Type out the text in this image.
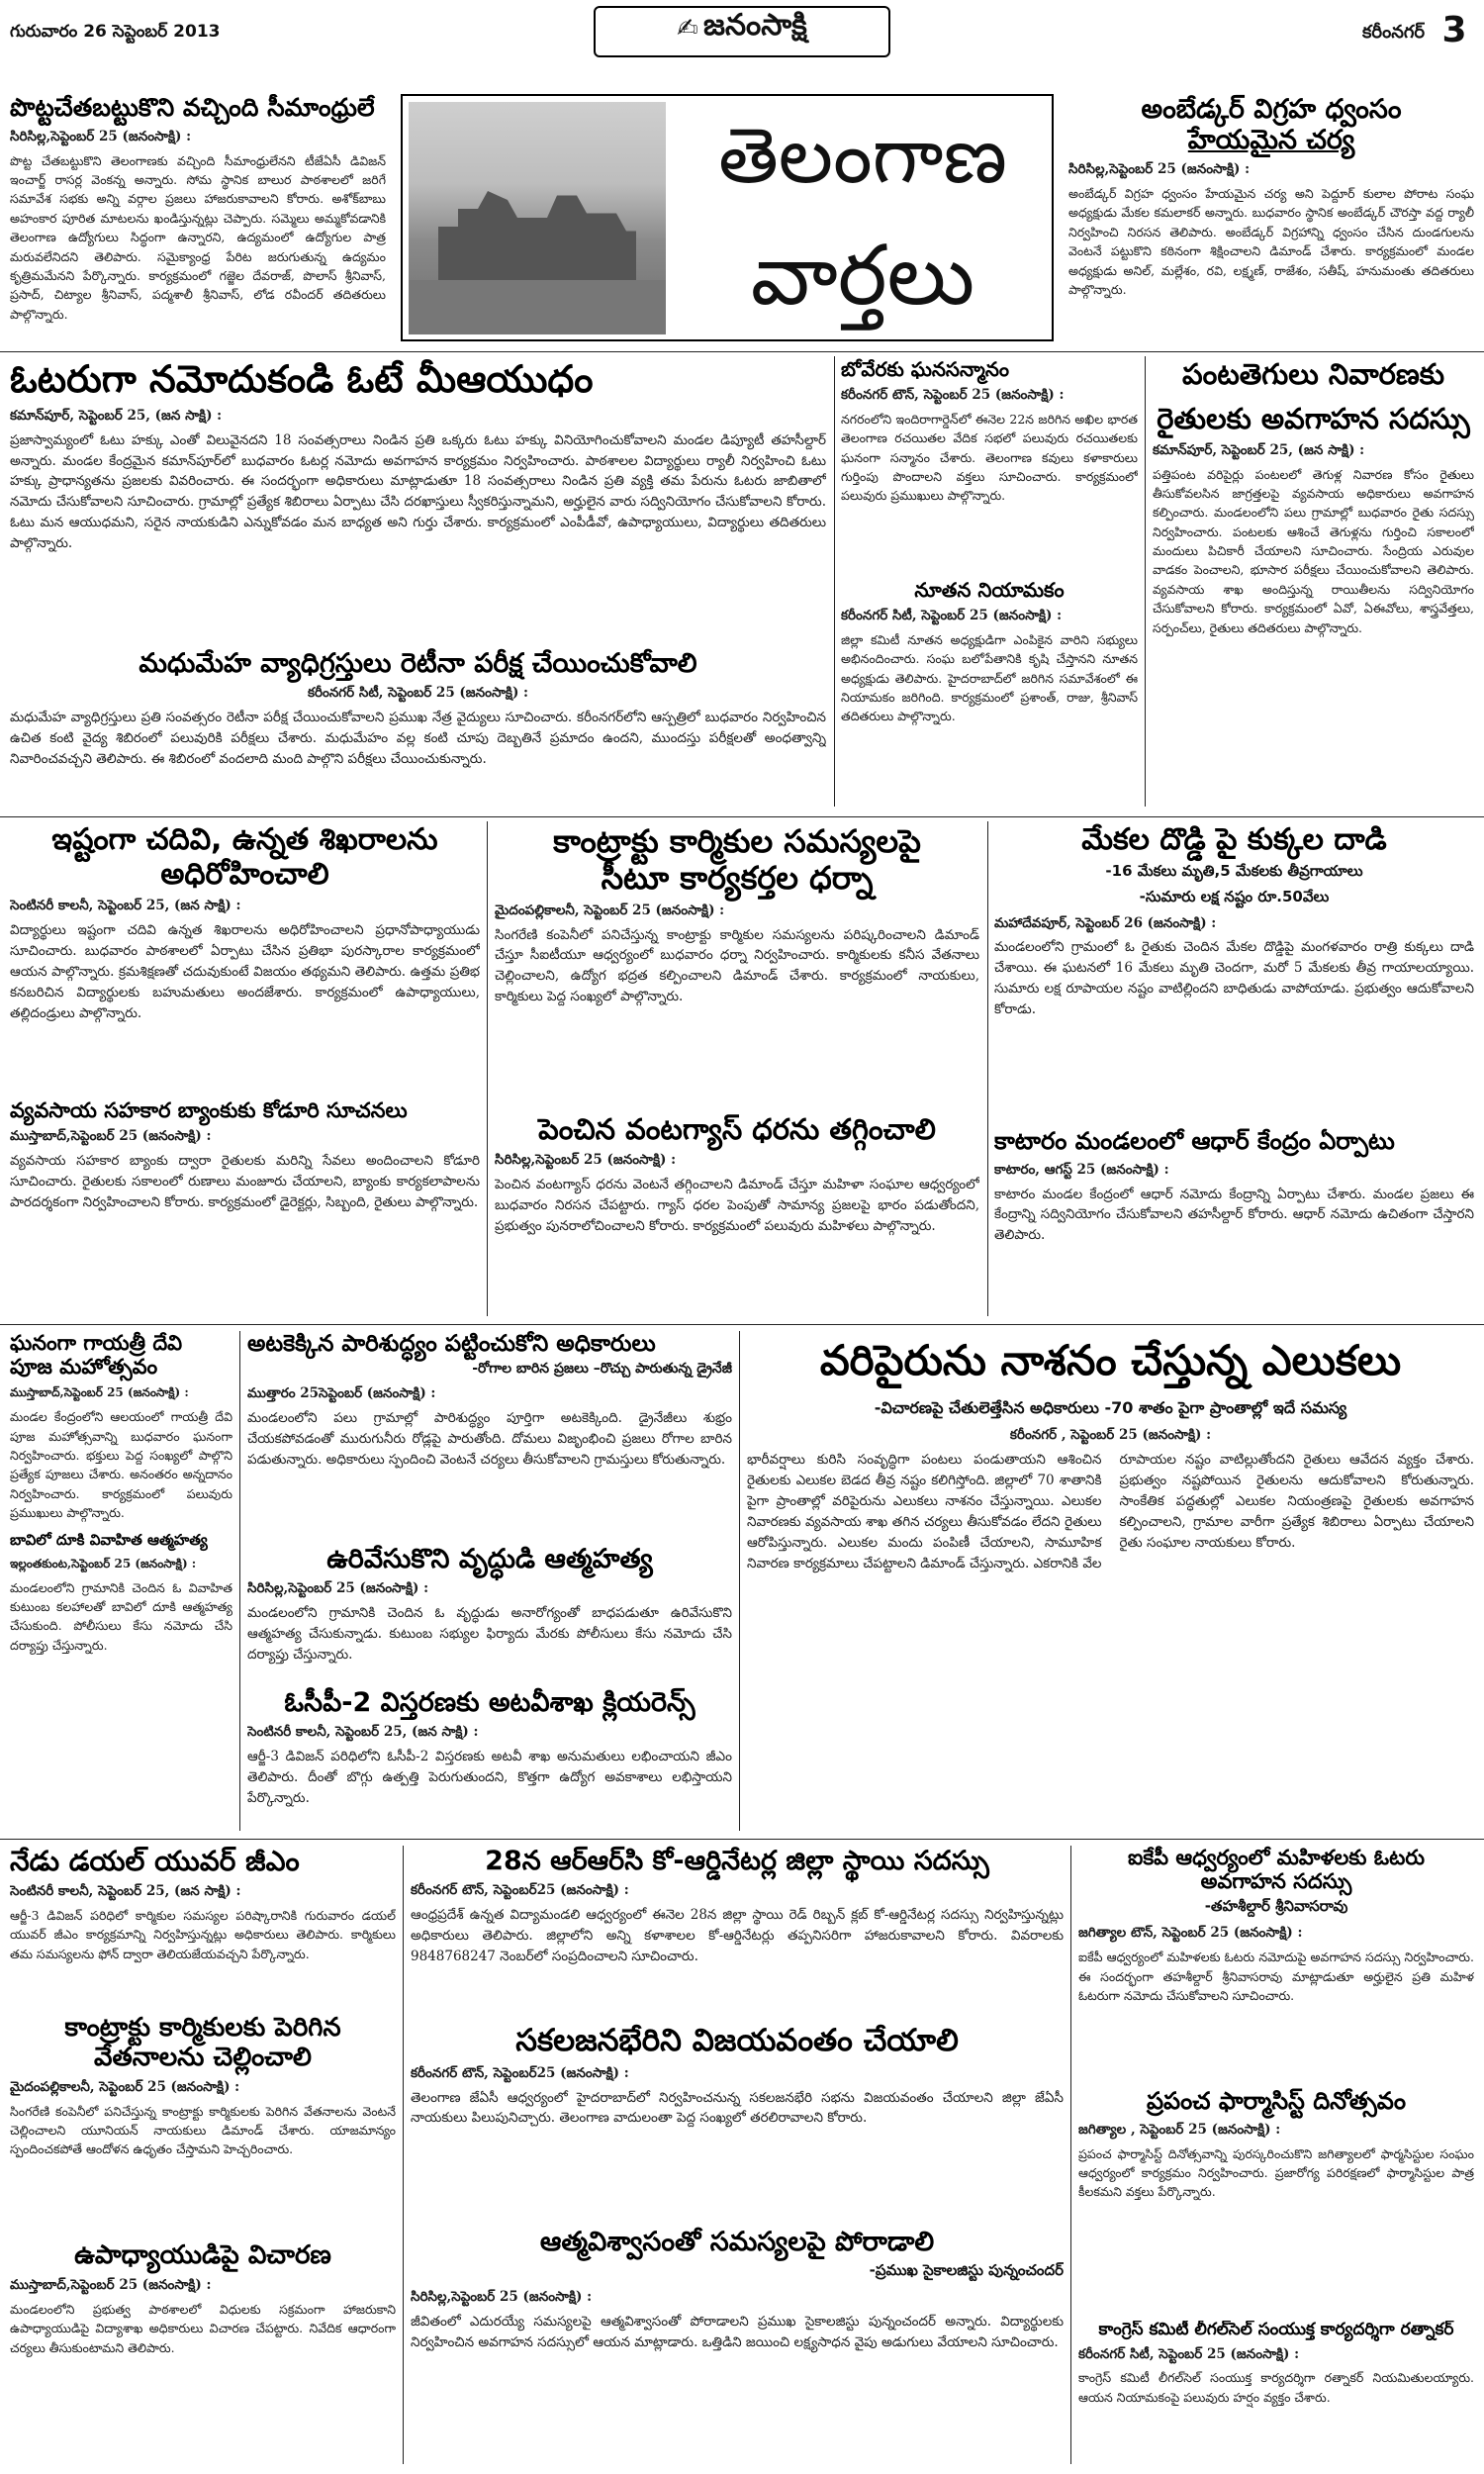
గురువారం 26 సెప్టెంబర్ 2013	✍ జనంసాక్షి	కరీంనగర్ 3
పొట్టచేతబట్టుకొని వచ్చింది సీమాంధ్రులే

సిరిసిల్ల,సెప్టెంబర్ 25 (జనంసాక్షి) :

పొట్ట చేతబట్టుకొని తెలంగాణకు వచ్చింది సీమాంధ్రులేనని టీజేఏసీ డివిజన్ ఇంచార్జ్ రాసర్ల వెంకన్న అన్నారు. సోమ స్థానిక బాలుర పాఠశాలలో జరిగే సమావేశ సభకు అన్ని వర్గాల ప్రజలు హాజరుకావాలని కోరారు. అశోక్‌బాబు అహంకార పూరిత మాటలను ఖండిస్తున్నట్లు చెప్పారు. సమ్మెలు అమ్మకోవడానికి తెలంగాణ ఉద్యోగులు సిద్ధంగా ఉన్నారని, ఉద్యమంలో ఉద్యోగుల పాత్ర మరువలేనిదని తెలిపారు. సమైక్యాంధ్ర పేరిట జరుగుతున్న ఉద్యమం కృత్రిమమేనని పేర్కొన్నారు. కార్యక్రమంలో గజ్జెల దేవరాజ్, పొలాస్ శ్రీనివాస్, ప్రసాద్, చిట్యాల శ్రీనివాస్, పద్మశాలీ శ్రీనివాస్, లోడ రవీందర్ తదితరులు పాల్గొన్నారు.

తెలంగాణ
వార్తలు
అంబేడ్కర్ విగ్రహ ధ్వంసం
హేయమైన చర్య

సిరిసిల్ల,సెప్టెంబర్ 25 (జనంసాక్షి) :

అంబేడ్కర్ విగ్రహ ధ్వంసం హేయమైన చర్య అని పెద్దూర్ కులాల పోరాట సంఘ అధ్యక్షుడు మేకల కమలాకర్ అన్నారు. బుధవారం స్థానిక అంబేడ్కర్ చౌరస్తా వద్ద ర్యాలీ నిర్వహించి నిరసన తెలిపారు. అంబేడ్కర్ విగ్రహాన్ని ధ్వంసం చేసిన దుండగులను వెంటనే పట్టుకొని కఠినంగా శిక్షించాలని డిమాండ్ చేశారు. కార్యక్రమంలో మండల అధ్యక్షుడు అనిల్, మల్లేశం, రవి, లక్ష్మణ్, రాజేశం, సతీష్, హనుమంతు తదితరులు పాల్గొన్నారు.

ఓటరుగా నమోదుకండి ఓటే మీఆయుధం

కమాన్‌పూర్, సెప్టెంబర్ 25, (జన సాక్షి) :

ప్రజాస్వామ్యంలో ఓటు హక్కు ఎంతో విలువైనదని 18 సంవత్సరాలు నిండిన ప్రతి ఒక్కరు ఓటు హక్కు వినియోగించుకోవాలని మండల డిప్యూటీ తహసీల్దార్ అన్నారు. మండల కేంద్రమైన కమాన్‌పూర్‌లో బుధవారం ఓటర్ల నమోదు అవగాహన కార్యక్రమం నిర్వహించారు. పాఠశాలల విద్యార్థులు ర్యాలీ నిర్వహించి ఓటు హక్కు ప్రాధాన్యతను ప్రజలకు వివరించారు. ఈ సందర్భంగా అధికారులు మాట్లాడుతూ 18 సంవత్సరాలు నిండిన ప్రతి వ్యక్తి తమ పేరును ఓటరు జాబితాలో నమోదు చేసుకోవాలని సూచించారు. గ్రామాల్లో ప్రత్యేక శిబిరాలు ఏర్పాటు చేసి దరఖాస్తులు స్వీకరిస్తున్నామని, అర్హులైన వారు సద్వినియోగం చేసుకోవాలని కోరారు. ఓటు మన ఆయుధమని, సరైన నాయకుడిని ఎన్నుకోవడం మన బాధ్యత అని గుర్తు చేశారు. కార్యక్రమంలో ఎంపీడీవో, ఉపాధ్యాయులు, విద్యార్థులు తదితరులు పాల్గొన్నారు.

బోవేరకు ఘనసన్మానం

కరీంనగర్ టౌన్, సెప్టెంబర్ 25 (జనంసాక్షి) :

నగరంలోని ఇందిరాగార్డెన్‌లో ఈనెల 22న జరిగిన అఖిల భారత తెలంగాణ రచయితల వేదిక సభలో పలువురు రచయితలకు ఘనంగా సన్మానం చేశారు. తెలంగాణ కవులు కళాకారులు గుర్తింపు పొందాలని వక్తలు సూచించారు. కార్యక్రమంలో పలువురు ప్రముఖులు పాల్గొన్నారు.

నూతన నియామకం

కరీంనగర్ సిటీ, సెప్టెంబర్ 25 (జనంసాక్షి) :

జిల్లా కమిటీ నూతన అధ్యక్షుడిగా ఎంపికైన వారిని సభ్యులు అభినందించారు. సంఘ బలోపేతానికి కృషి చేస్తానని నూతన అధ్యక్షుడు తెలిపారు. హైదరాబాద్‌లో జరిగిన సమావేశంలో ఈ నియామకం జరిగింది. కార్యక్రమంలో ప్రశాంత్, రాజు, శ్రీనివాస్ తదితరులు పాల్గొన్నారు.

పంటతెగులు నివారణకు
రైతులకు అవగాహన సదస్సు

కమాన్‌పూర్, సెప్టెంబర్ 25, (జన సాక్షి) :

పత్తిపంట వరిపైర్లు పంటలలో తెగుళ్ల నివారణ కోసం రైతులు తీసుకోవలసిన జాగ్రత్తలపై వ్యవసాయ అధికారులు అవగాహన కల్పించారు. మండలంలోని పలు గ్రామాల్లో బుధవారం రైతు సదస్సు నిర్వహించారు. పంటలకు ఆశించే తెగుళ్లను గుర్తించి సకాలంలో మందులు పిచికారీ చేయాలని సూచించారు. సేంద్రియ ఎరువుల వాడకం పెంచాలని, భూసార పరీక్షలు చేయించుకోవాలని తెలిపారు. వ్యవసాయ శాఖ అందిస్తున్న రాయితీలను సద్వినియోగం చేసుకోవాలని కోరారు. కార్యక్రమంలో ఏవో, ఏఈవోలు, శాస్త్రవేత్తలు, సర్పంచ్‌లు, రైతులు తదితరులు పాల్గొన్నారు.

మధుమేహ వ్యాధిగ్రస్తులు రెటీనా పరీక్ష చేయించుకోవాలి

కరీంనగర్ సిటీ, సెప్టెంబర్ 25 (జనంసాక్షి) :

మధుమేహ వ్యాధిగ్రస్తులు ప్రతి సంవత్సరం రెటీనా పరీక్ష చేయించుకోవాలని ప్రముఖ నేత్ర వైద్యులు సూచించారు. కరీంనగర్‌లోని ఆస్పత్రిలో బుధవారం నిర్వహించిన ఉచిత కంటి వైద్య శిబిరంలో పలువురికి పరీక్షలు చేశారు. మధుమేహం వల్ల కంటి చూపు దెబ్బతినే ప్రమాదం ఉందని, ముందస్తు పరీక్షలతో అంధత్వాన్ని నివారించవచ్చని తెలిపారు. ఈ శిబిరంలో వందలాది మంది పాల్గొని పరీక్షలు చేయించుకున్నారు.

ఇష్టంగా చదివి, ఉన్నత శిఖరాలను
అధిరోహించాలి

సెంటినరీ కాలనీ, సెప్టెంబర్ 25, (జన సాక్షి) :

విద్యార్థులు ఇష్టంగా చదివి ఉన్నత శిఖరాలను అధిరోహించాలని ప్రధానోపాధ్యాయుడు సూచించారు. బుధవారం పాఠశాలలో ఏర్పాటు చేసిన ప్రతిభా పురస్కారాల కార్యక్రమంలో ఆయన పాల్గొన్నారు. క్రమశిక్షణతో చదువుకుంటే విజయం తథ్యమని తెలిపారు. ఉత్తమ ప్రతిభ కనబరిచిన విద్యార్థులకు బహుమతులు అందజేశారు. కార్యక్రమంలో ఉపాధ్యాయులు, తల్లిదండ్రులు పాల్గొన్నారు.

వ్యవసాయ సహకార బ్యాంకుకు కోడూరి సూచనలు

ముస్తాబాద్,సెప్టెంబర్ 25 (జనంసాక్షి) :

వ్యవసాయ సహకార బ్యాంకు ద్వారా రైతులకు మరిన్ని సేవలు అందించాలని కోడూరి సూచించారు. రైతులకు సకాలంలో రుణాలు మంజూరు చేయాలని, బ్యాంకు కార్యకలాపాలను పారదర్శకంగా నిర్వహించాలని కోరారు. కార్యక్రమంలో డైరెక్టర్లు, సిబ్బంది, రైతులు పాల్గొన్నారు.

కాంట్రాక్టు కార్మికుల సమస్యలపై
సీటూ కార్యకర్తల ధర్నా

మైదంపల్లికాలనీ, సెప్టెంబర్ 25 (జనంసాక్షి) :

సింగరేణి కంపెనీలో పనిచేస్తున్న కాంట్రాక్టు కార్మికుల సమస్యలను పరిష్కరించాలని డిమాండ్ చేస్తూ సీఐటీయూ ఆధ్వర్యంలో బుధవారం ధర్నా నిర్వహించారు. కార్మికులకు కనీస వేతనాలు చెల్లించాలని, ఉద్యోగ భద్రత కల్పించాలని డిమాండ్ చేశారు. కార్యక్రమంలో నాయకులు, కార్మికులు పెద్ద సంఖ్యలో పాల్గొన్నారు.

పెంచిన వంటగ్యాస్ ధరను తగ్గించాలి

సిరిసిల్ల,సెప్టెంబర్ 25 (జనంసాక్షి) :

పెంచిన వంటగ్యాస్ ధరను వెంటనే తగ్గించాలని డిమాండ్ చేస్తూ మహిళా సంఘాల ఆధ్వర్యంలో బుధవారం నిరసన చేపట్టారు. గ్యాస్ ధరల పెంపుతో సామాన్య ప్రజలపై భారం పడుతోందని, ప్రభుత్వం పునరాలోచించాలని కోరారు. కార్యక్రమంలో పలువురు మహిళలు పాల్గొన్నారు.

మేకల దొడ్డి పై కుక్కల దాడి

-16 మేకలు మృతి,5 మేకలకు తీవ్రగాయాలు

-సుమారు లక్ష నష్టం రూ.50వేలు

మహాదేవపూర్, సెప్టెంబర్ 26 (జనంసాక్షి) :

మండలంలోని గ్రామంలో ఓ రైతుకు చెందిన మేకల దొడ్డిపై మంగళవారం రాత్రి కుక్కలు దాడి చేశాయి. ఈ ఘటనలో 16 మేకలు మృతి చెందగా, మరో 5 మేకలకు తీవ్ర గాయాలయ్యాయి. సుమారు లక్ష రూపాయల నష్టం వాటిల్లిందని బాధితుడు వాపోయాడు. ప్రభుత్వం ఆదుకోవాలని కోరాడు.

కాటారం మండలంలో ఆధార్ కేంద్రం ఏర్పాటు

కాటారం, ఆగస్ట్ 25 (జనంసాక్షి) :

కాటారం మండల కేంద్రంలో ఆధార్ నమోదు కేంద్రాన్ని ఏర్పాటు చేశారు. మండల ప్రజలు ఈ కేంద్రాన్ని సద్వినియోగం చేసుకోవాలని తహసీల్దార్ కోరారు. ఆధార్ నమోదు ఉచితంగా చేస్తారని తెలిపారు.

ఘనంగా గాయత్రీ దేవి
పూజ మహోత్సవం

ముస్తాబాద్,సెప్టెంబర్ 25 (జనంసాక్షి) :

మండల కేంద్రంలోని ఆలయంలో గాయత్రీ దేవి పూజ మహోత్సవాన్ని బుధవారం ఘనంగా నిర్వహించారు. భక్తులు పెద్ద సంఖ్యలో పాల్గొని ప్రత్యేక పూజలు చేశారు. అనంతరం అన్నదానం నిర్వహించారు. కార్యక్రమంలో పలువురు ప్రముఖులు పాల్గొన్నారు.

బావిలో దూకి వివాహిత ఆత్మహత్య

ఇల్లంతకుంట,సెప్టెంబర్ 25 (జనంసాక్షి) :

మండలంలోని గ్రామానికి చెందిన ఓ వివాహిత కుటుంబ కలహాలతో బావిలో దూకి ఆత్మహత్య చేసుకుంది. పోలీసులు కేసు నమోదు చేసి దర్యాప్తు చేస్తున్నారు.

అటకెక్కిన పారిశుద్ధ్యం పట్టించుకోని అధికారులు

-రోగాల బారిన ప్రజలు –రొచ్చు పారుతున్న డ్రైనేజీ

ముత్తారం 25సెప్టెంబర్ (జనంసాక్షి) :

మండలంలోని పలు గ్రామాల్లో పారిశుద్ధ్యం పూర్తిగా అటకెక్కింది. డ్రైనేజీలు శుభ్రం చేయకపోవడంతో మురుగునీరు రోడ్లపై పారుతోంది. దోమలు విజృంభించి ప్రజలు రోగాల బారిన పడుతున్నారు. అధికారులు స్పందించి వెంటనే చర్యలు తీసుకోవాలని గ్రామస్తులు కోరుతున్నారు.

ఉరివేసుకొని వృద్ధుడి ఆత్మహత్య

సిరిసిల్ల,సెప్టెంబర్ 25 (జనంసాక్షి) :

మండలంలోని గ్రామానికి చెందిన ఓ వృద్ధుడు అనారోగ్యంతో బాధపడుతూ ఉరివేసుకొని ఆత్మహత్య చేసుకున్నాడు. కుటుంబ సభ్యుల ఫిర్యాదు మేరకు పోలీసులు కేసు నమోదు చేసి దర్యాప్తు చేస్తున్నారు.

ఓసీపీ-2 విస్తరణకు అటవీశాఖ క్లియరెన్స్

సెంటినరీ కాలనీ, సెప్టెంబర్ 25, (జన సాక్షి) :

ఆర్జీ-3 డివిజన్ పరిధిలోని ఓసీపీ-2 విస్తరణకు అటవీ శాఖ అనుమతులు లభించాయని జీఎం తెలిపారు. దీంతో బొగ్గు ఉత్పత్తి పెరుగుతుందని, కొత్తగా ఉద్యోగ అవకాశాలు లభిస్తాయని పేర్కొన్నారు.

వరిపైరును నాశనం చేస్తున్న ఎలుకలు

-విచారణపై చేతులెత్తేసిన అధికారులు -70 శాతం పైగా ప్రాంతాల్లో ఇదే సమస్య

కరీంనగర్ , సెప్టెంబర్ 25 (జనంసాక్షి) :

భారీవర్షాలు కురిసి సంవృద్ధిగా పంటలు పండుతాయని ఆశించిన రైతులకు ఎలుకల బెడద తీవ్ర నష్టం కలిగిస్తోంది. జిల్లాలో 70 శాతానికి పైగా ప్రాంతాల్లో వరిపైరును ఎలుకలు నాశనం చేస్తున్నాయి. ఎలుకల నివారణకు వ్యవసాయ శాఖ తగిన చర్యలు తీసుకోవడం లేదని రైతులు ఆరోపిస్తున్నారు. ఎలుకల మందు పంపిణీ చేయాలని, సామూహిక నివారణ కార్యక్రమాలు చేపట్టాలని డిమాండ్ చేస్తున్నారు. ఎకరానికి వేల రూపాయల నష్టం వాటిల్లుతోందని రైతులు ఆవేదన వ్యక్తం చేశారు. ప్రభుత్వం నష్టపోయిన రైతులను ఆదుకోవాలని కోరుతున్నారు. సాంకేతిక పద్ధతుల్లో ఎలుకల నియంత్రణపై రైతులకు అవగాహన కల్పించాలని, గ్రామాల వారీగా ప్రత్యేక శిబిరాలు ఏర్పాటు చేయాలని రైతు సంఘాల నాయకులు కోరారు.

నేడు డయల్ యువర్ జీఎం

సెంటినరీ కాలనీ, సెప్టెంబర్ 25, (జన సాక్షి) :

ఆర్జీ-3 డివిజన్ పరిధిలో కార్మికుల సమస్యల పరిష్కారానికి గురువారం డయల్ యువర్ జీఎం కార్యక్రమాన్ని నిర్వహిస్తున్నట్లు అధికారులు తెలిపారు. కార్మికులు తమ సమస్యలను ఫోన్ ద్వారా తెలియజేయవచ్చని పేర్కొన్నారు.

కాంట్రాక్టు కార్మికులకు పెరిగిన
వేతనాలను చెల్లించాలి

మైదంపల్లికాలనీ, సెప్టెంబర్ 25 (జనంసాక్షి) :

సింగరేణి కంపెనీలో పనిచేస్తున్న కాంట్రాక్టు కార్మికులకు పెరిగిన వేతనాలను వెంటనే చెల్లించాలని యూనియన్ నాయకులు డిమాండ్ చేశారు. యాజమాన్యం స్పందించకపోతే ఆందోళన ఉధృతం చేస్తామని హెచ్చరించారు.

ఉపాధ్యాయుడిపై విచారణ

ముస్తాబాద్,సెప్టెంబర్ 25 (జనంసాక్షి) :

మండలంలోని ప్రభుత్వ పాఠశాలలో విధులకు సక్రమంగా హాజరుకాని ఉపాధ్యాయుడిపై విద్యాశాఖ అధికారులు విచారణ చేపట్టారు. నివేదిక ఆధారంగా చర్యలు తీసుకుంటామని తెలిపారు.

28న ఆర్ఆర్‌సి కో-ఆర్డినేటర్ల జిల్లా స్థాయి సదస్సు

కరీంనగర్ టౌన్, సెప్టెంబర్25 (జనంసాక్షి) :

ఆంధ్రప్రదేశ్ ఉన్నత విద్యామండలి ఆధ్వర్యంలో ఈనెల 28న జిల్లా స్థాయి రెడ్ రిబ్బన్ క్లబ్ కో-ఆర్డినేటర్ల సదస్సు నిర్వహిస్తున్నట్లు అధికారులు తెలిపారు. జిల్లాలోని అన్ని కళాశాలల కో-ఆర్డినేటర్లు తప్పనిసరిగా హాజరుకావాలని కోరారు. వివరాలకు 9848768247 నెంబర్‌లో సంప్రదించాలని సూచించారు.

సకలజనభేరిని విజయవంతం చేయాలి

కరీంనగర్ టౌన్, సెప్టెంబర్25 (జనంసాక్షి) :

తెలంగాణ జేఏసీ ఆధ్వర్యంలో హైదరాబాద్‌లో నిర్వహించనున్న సకలజనభేరి సభను విజయవంతం చేయాలని జిల్లా జేఏసీ నాయకులు పిలుపునిచ్చారు. తెలంగాణ వాదులంతా పెద్ద సంఖ్యలో తరలిరావాలని కోరారు.

ఆత్మవిశ్వాసంతో సమస్యలపై పోరాడాలి

-ప్రముఖ సైకాలజిస్టు పున్నంచందర్

సిరిసిల్ల,సెప్టెంబర్ 25 (జనంసాక్షి) :

జీవితంలో ఎదురయ్యే సమస్యలపై ఆత్మవిశ్వాసంతో పోరాడాలని ప్రముఖ సైకాలజిస్టు పున్నంచందర్ అన్నారు. విద్యార్థులకు నిర్వహించిన అవగాహన సదస్సులో ఆయన మాట్లాడారు. ఒత్తిడిని జయించి లక్ష్యసాధన వైపు అడుగులు వేయాలని సూచించారు.

ఐకేపీ ఆధ్వర్యంలో మహిళలకు ఓటరు
అవగాహన సదస్సు

-తహశీల్దార్ శ్రీనివాసరావు

జగిత్యాల టౌన్, సెప్టెంబర్ 25 (జనంసాక్షి) :

ఐకేపీ ఆధ్వర్యంలో మహిళలకు ఓటరు నమోదుపై అవగాహన సదస్సు నిర్వహించారు. ఈ సందర్భంగా తహశీల్దార్ శ్రీనివాసరావు మాట్లాడుతూ అర్హులైన ప్రతి మహిళ ఓటరుగా నమోదు చేసుకోవాలని సూచించారు.

ప్రపంచ ఫార్మాసిస్ట్ దినోత్సవం

జగిత్యాల , సెప్టెంబర్ 25 (జనంసాక్షి) :

ప్రపంచ ఫార్మాసిస్ట్ దినోత్సవాన్ని పురస్కరించుకొని జగిత్యాలలో ఫార్మసిస్టుల సంఘం ఆధ్వర్యంలో కార్యక్రమం నిర్వహించారు. ప్రజారోగ్య పరిరక్షణలో ఫార్మాసిస్టుల పాత్ర కీలకమని వక్తలు పేర్కొన్నారు.

కాంగ్రెస్ కమిటీ లీగల్‌సెల్ సంయుక్త కార్యదర్శిగా రత్నాకర్

కరీంనగర్ సిటీ, సెప్టెంబర్ 25 (జనంసాక్షి) :

కాంగ్రెస్ కమిటీ లీగల్‌సెల్ సంయుక్త కార్యదర్శిగా రత్నాకర్ నియమితులయ్యారు. ఆయన నియామకంపై పలువురు హర్షం వ్యక్తం చేశారు.
